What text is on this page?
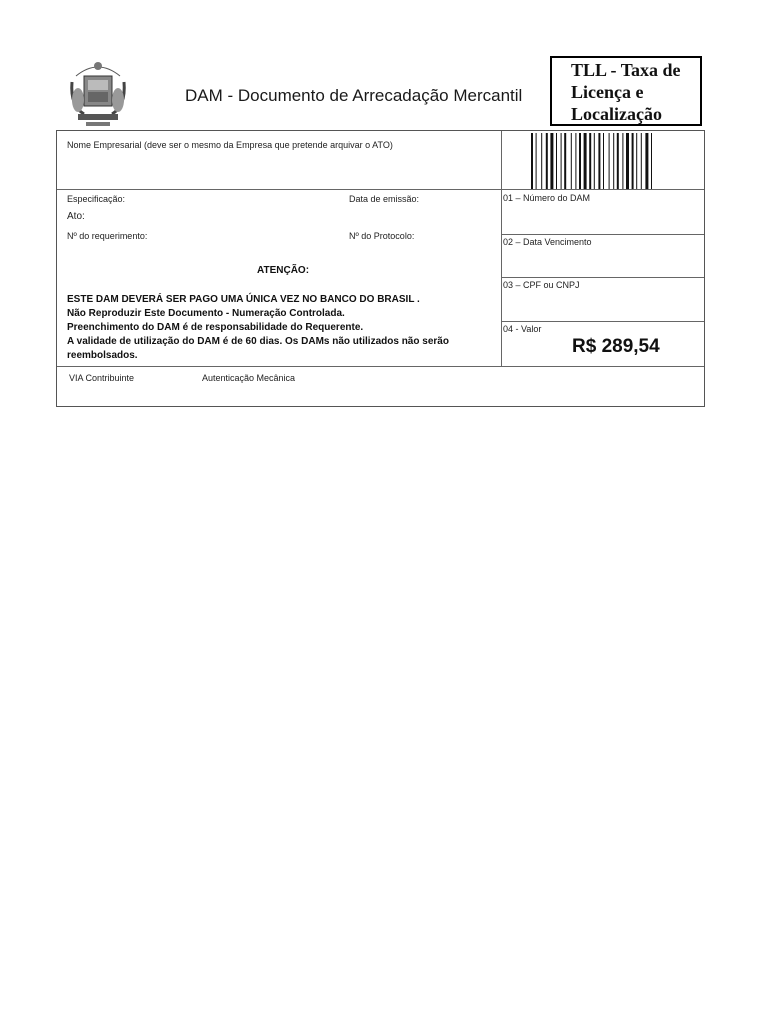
DAM - Documento de Arrecadação Mercantil
TLL - Taxa de
Licença e
Localização
Nome Empresarial (deve ser o mesmo da Empresa que pretende arquivar o ATO)
Especificação:
Ato:
Nº do requerimento:
Data de emissão:
Nº do Protocolo:
ATENÇÃO:
ESTE DAM DEVERÁ SER PAGO UMA ÚNICA VEZ NO BANCO DO BRASIL .
Não Reproduzir Este Documento - Numeração Controlada.
Preenchimento do DAM é de responsabilidade do Requerente.
A validade de utilização do DAM é de 60 dias. Os DAMs não utilizados não serão
reembolsados.
01 – Número do DAM
02 – Data Vencimento
03 – CPF ou CNPJ
04 - Valor
R$ 289,54
VIA Contribuinte	Autenticação Mecânica
